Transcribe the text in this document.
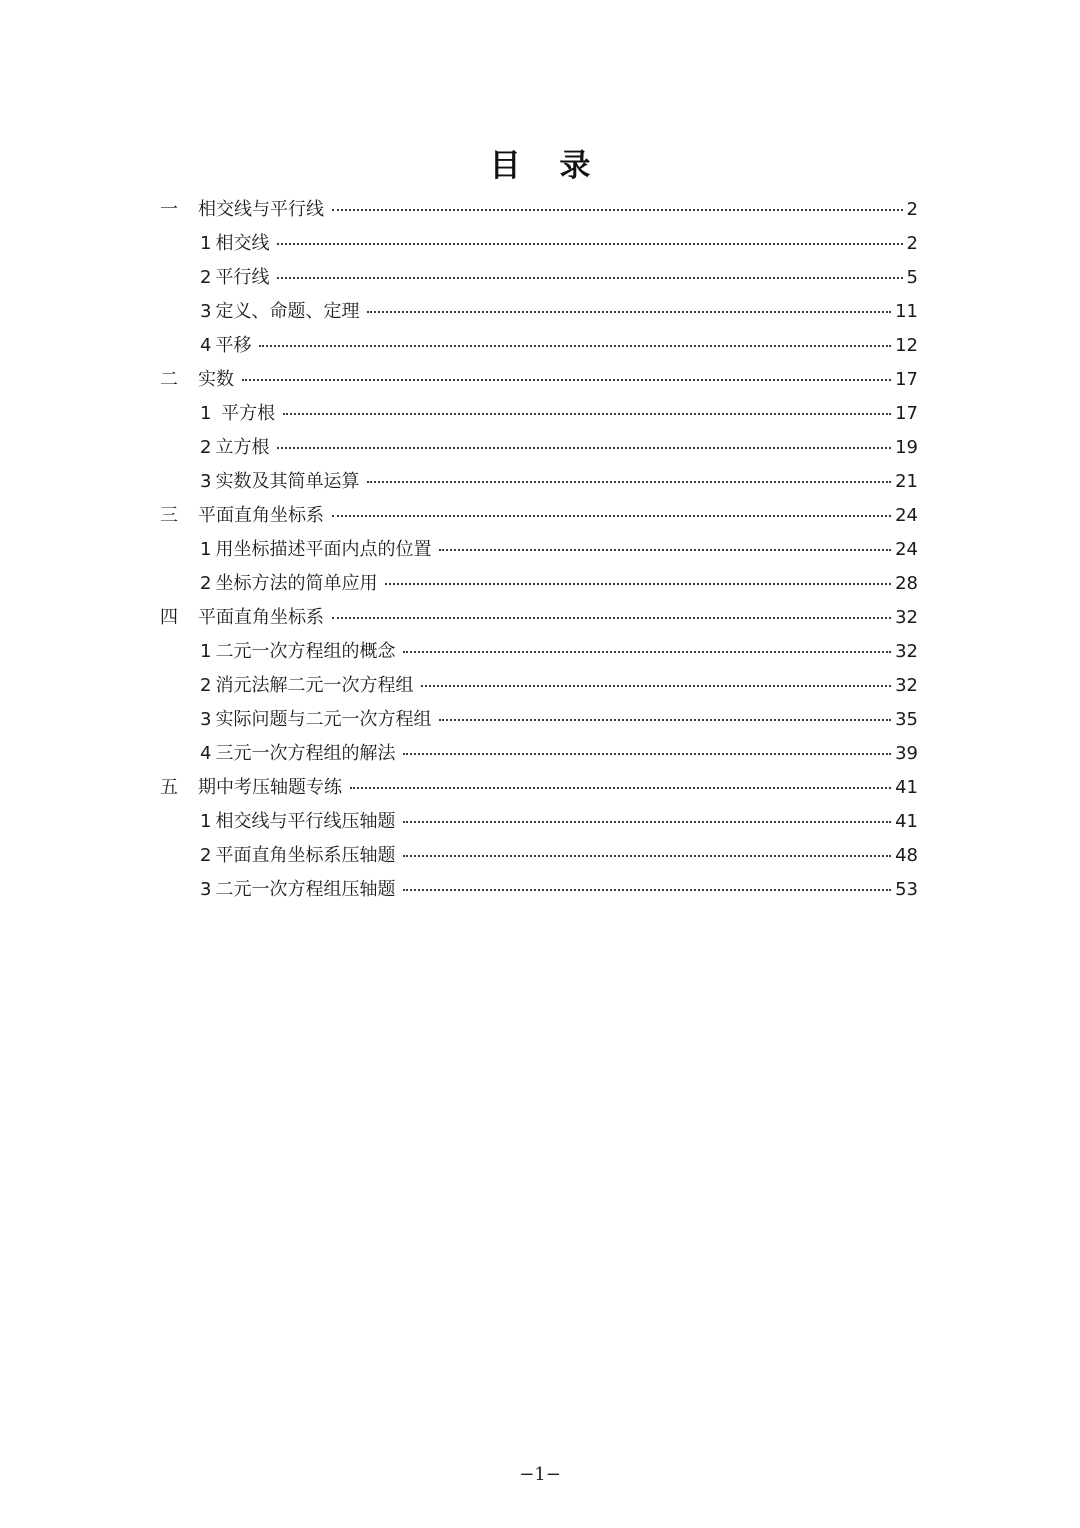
目 录
一	相交线与平行线	2
1 相交线	2
2 平行线	5
3 定义、命题、定理	11
4 平移	12
二	实数	17
1 平方根	17
2 立方根	19
3 实数及其简单运算	21
三	平面直角坐标系	24
1 用坐标描述平面内点的位置	24
2 坐标方法的简单应用	28
四	平面直角坐标系	32
1 二元一次方程组的概念	32
2 消元法解二元一次方程组	32
3 实际问题与二元一次方程组	35
4 三元一次方程组的解法	39
五	期中考压轴题专练	41
1 相交线与平行线压轴题	41
2 平面直角坐标系压轴题	48
3 二元一次方程组压轴题	53
−1−
